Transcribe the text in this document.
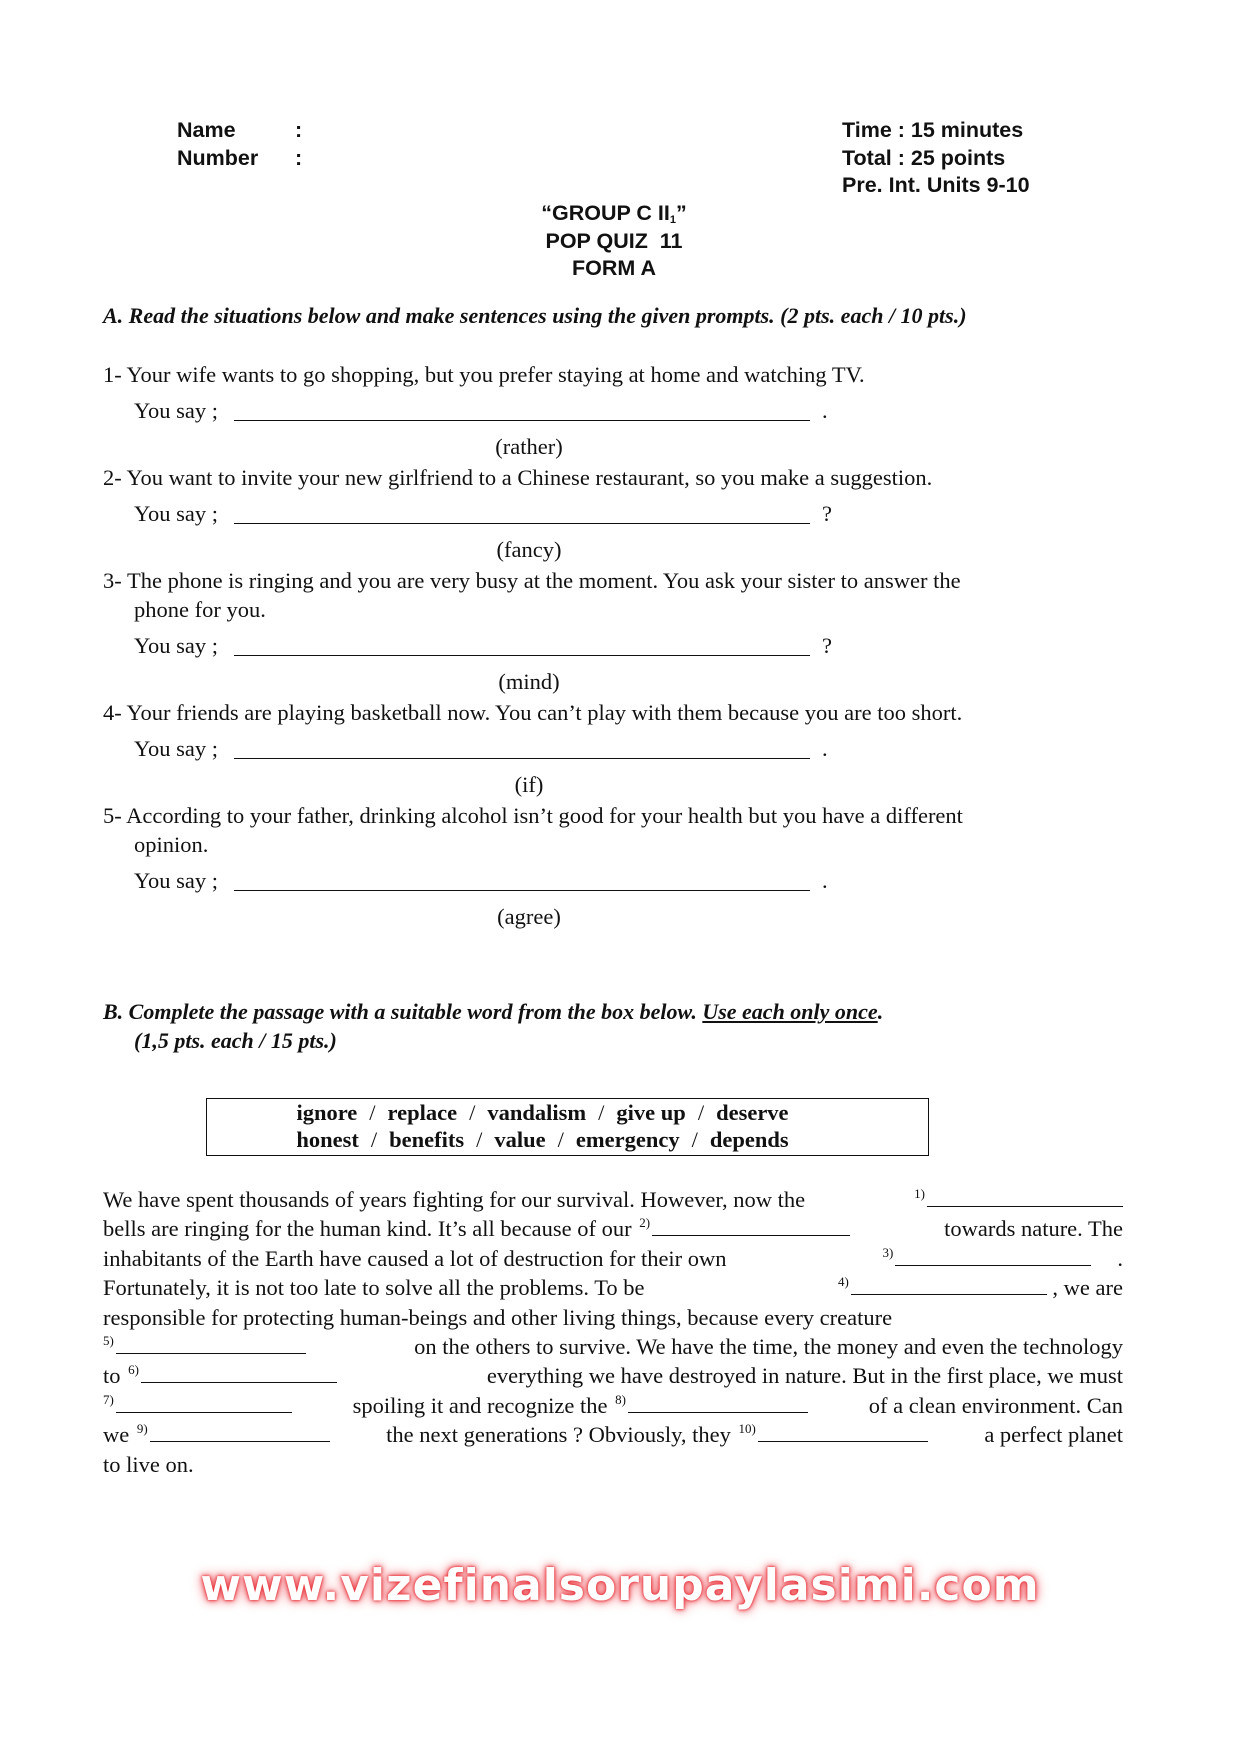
Name	:
Number	:
Time : 15 minutes
Total : 25 points
Pre. Int. Units 9-10
“GROUP C $II_1$”
POP QUIZ  11
FORM A
A. Read the situations below and make sentences using the given prompts. (2 pts. each / 10 pts.)
1- Your wife wants to go shopping, but you prefer staying at home and watching TV.
You say ;	.
(rather)
2- You want to invite your new girlfriend to a Chinese restaurant, so you make a suggestion.
You say ;	?
(fancy)
3- The phone is ringing and you are very busy at the moment. You ask your sister to answer the
phone for you.
You say ;	?
(mind)
4- Your friends are playing basketball now. You can’t play with them because you are too short.
You say ;	.
(if)
5- According to your father, drinking alcohol isn’t good for your health but you have a different
opinion.
You say ;	.
(agree)
B. Complete the passage with a suitable word from the box below. Use each only once.
(1,5 pts. each / 15 pts.)
ignore / replace / vandalism / give up / deserve
honest / benefits / value / emergency / depends
We have spent thousands of years fighting for our survival. However, now the	$^{1)}$
bells are ringing for the human kind. It’s all because of our $^{2)}$	towards nature. The
inhabitants of the Earth have caused a lot of destruction for their own	$^{3)}$	.
Fortunately, it is not too late to solve all the problems. To be	$^{4)}$	, we are
responsible for protecting human-beings and other living things, because every creature
$^{5)}$	on the others to survive. We have the time, the money and even the technology
to $^{6)}$	everything we have destroyed in nature. But in the first place, we must
$^{7)}$	spoiling it and recognize the $^{8)}$	of a clean environment. Can
we $^{9)}$	the next generations ? Obviously, they $^{10)}$	a perfect planet
to live on.
www.vizefinalsorupaylasimi.com
